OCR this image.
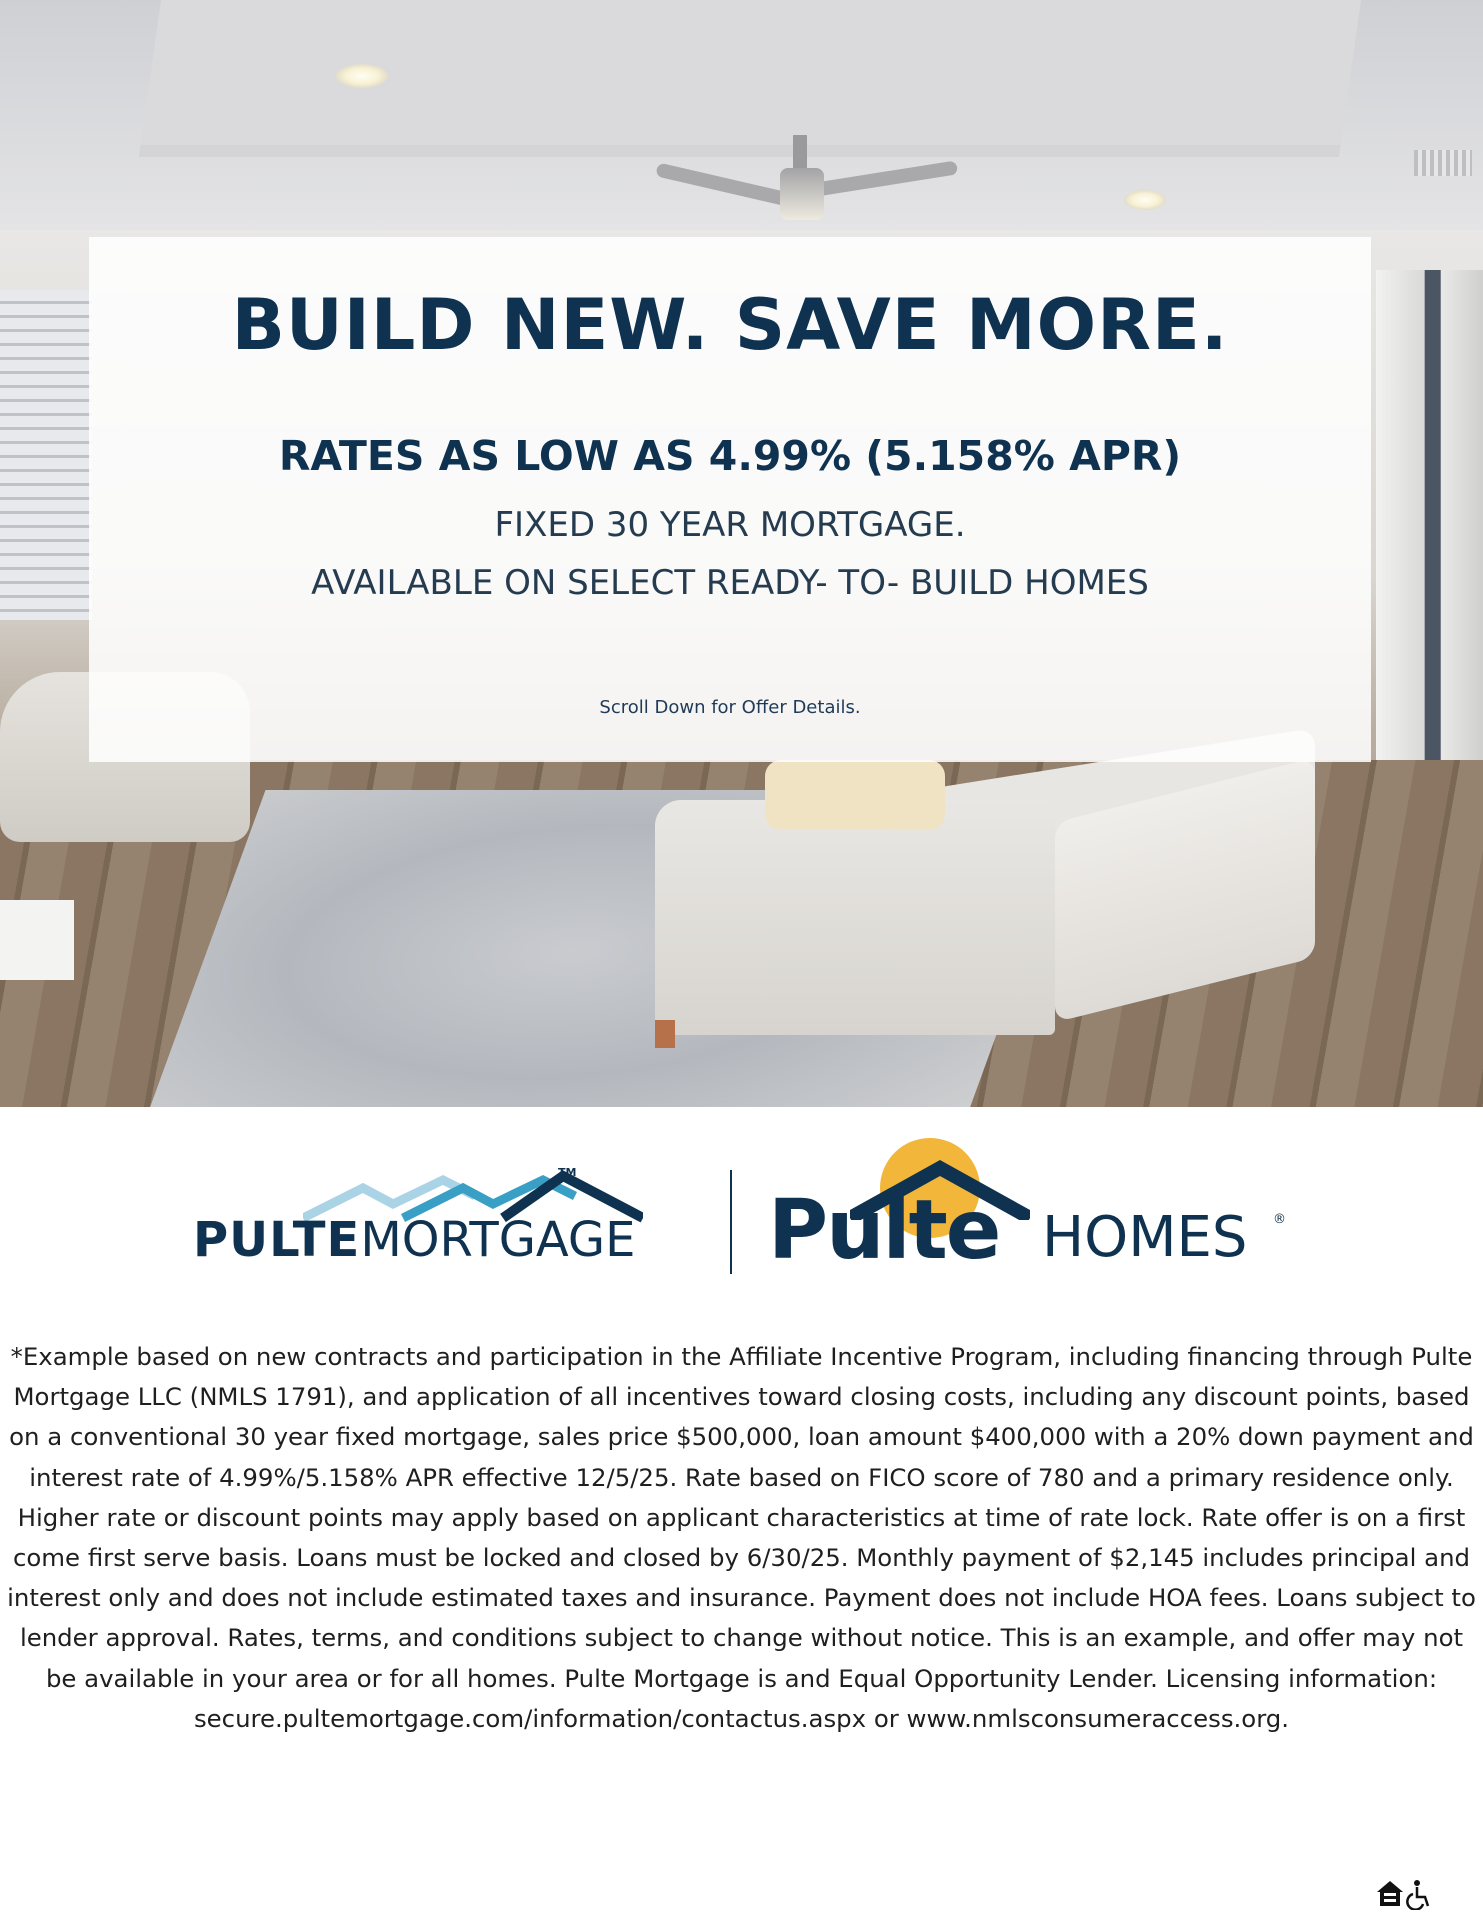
BUILD NEW. SAVE MORE.
RATES AS LOW AS 4.99% (5.158% APR)

FIXED 30 YEAR MORTGAGE.

AVAILABLE ON SELECT READY- TO- BUILD HOMES

Scroll Down for Offer Details.

TM
PULTEMORTGAGE Pulte HOMES ®

*Example based on new contracts and participation in the Affiliate Incentive Program, including financing through Pulte Mortgage LLC (NMLS 1791), and application of all incentives toward closing costs, including any discount points, based on a conventional 30 year fixed mortgage, sales price $500,000, loan amount $400,000 with a 20% down payment and interest rate of 4.99%/5.158% APR effective 12/5/25. Rate based on FICO score of 780 and a primary residence only. Higher rate or discount points may apply based on applicant characteristics at time of rate lock. Rate offer is on a first come first serve basis. Loans must be locked and closed by 6/30/25. Monthly payment of $2,145 includes principal and interest only and does not include estimated taxes and insurance. Payment does not include HOA fees. Loans subject to lender approval. Rates, terms, and conditions subject to change without notice. This is an example, and offer may not be available in your area or for all homes. Pulte Mortgage is and Equal Opportunity Lender. Licensing information: secure.pultemortgage.com/information/contactus.aspx or www.nmlsconsumeraccess.org.
